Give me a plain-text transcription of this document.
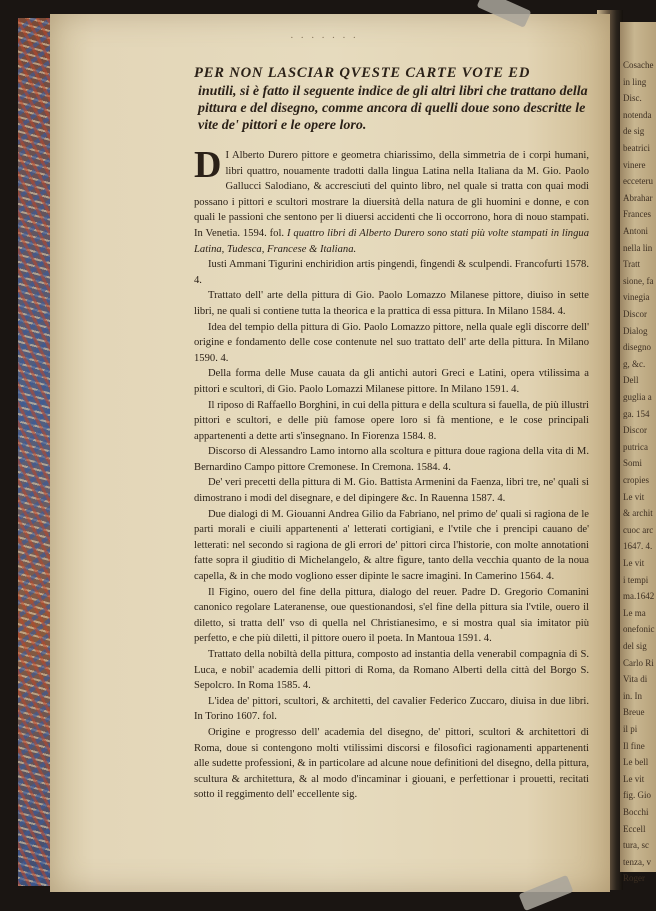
Cosache
in ling
Disc.
notenda
de sig
beatrici
vinere
ecceteru
Abrahar
Frances
Antoni
nella lin
Tratt
sione, fa
vinegia
Discor
Dialog
disegno
g, &c.
Dell
guglia a
ga. 154
Discor
putrica
Somi
cropies
Le vit
& archit
cuoc arc
1647. 4.
Le vit
i tempi
ma.1642
Le ma
onefonic
del sig
Carlo Ri
Vita di
in. In
Breue
il pi
Il fine
Le bell
Le vit
fig. Gio
Bocchi
Eccell
tura, sc
tenza, v
Roger
· · · · · · ·
PER NON LASCIAR QVESTE CARTE VOTE ED
inutili, si è fatto il seguente indice de gli altri libri che trattano della pittura e del disegno, comme ancora di quelli doue sono descritte le vite de' pittori e le opere loro.

D I Alberto Durero pittore e geometra chiarissimo, della simmetria de i corpi humani, libri quattro, nouamente tradotti dalla lingua Latina nella Italiana da M. Gio. Paolo Gallucci Salodiano, & accresciuti del quinto libro, nel quale si tratta con quai modi possano i pittori e scultori mostrare la diuersità della natura de gli huomini e donne, e con quali le passioni che sentono per li diuersi accidenti che li occorrono, hora di nouo stampati. In Venetia. 1594. fol. I quattro libri di Alberto Durero sono stati più volte stampati in lingua Latina, Tudesca, Francese & Italiana.

Iusti Ammani Tigurini enchiridion artis pingendi, fingendi & sculpendi. Francofurti 1578. 4.

Trattato dell' arte della pittura di Gio. Paolo Lomazzo Milanese pittore, diuiso in sette libri, ne quali si contiene tutta la theorica e la prattica di essa pittura. In Milano 1584. 4.

Idea del tempio della pittura di Gio. Paolo Lomazzo pittore, nella quale egli discorre dell' origine e fondamento delle cose contenute nel suo trattato dell' arte della pittura. In Milano 1590. 4.

Della forma delle Muse cauata da gli antichi autori Greci e Latini, opera vtilissima a pittori e scultori, di Gio. Paolo Lomazzi Milanese pittore. In Milano 1591. 4.

Il riposo di Raffaello Borghini, in cui della pittura e della scultura si fauella, de più illustri pittori e scultori, e delle più famose opere loro si fà mentione, e le cose principali appartenenti a dette arti s'insegnano. In Fiorenza 1584. 8.

Discorso di Alessandro Lamo intorno alla scoltura e pittura doue ragiona della vita di M. Bernardino Campo pittore Cremonese. In Cremona. 1584. 4.

De' veri precetti della pittura di M. Gio. Battista Armenini da Faenza, libri tre, ne' quali si dimostrano i modi del disegnare, e del dipingere &c. In Rauenna 1587. 4.

Due dialogi di M. Giouanni Andrea Gilio da Fabriano, nel primo de' quali si ragiona de le parti morali e ciuili appartenenti a' letterati cortigiani, e l'vtile che i prencipi cauano de' letterati: nel secondo si ragiona de gli errori de' pittori circa l'historie, con molte annotationi fatte sopra il giuditio di Michelangelo, & altre figure, tanto della vecchia quanto de la noua capella, & in che modo vogliono esser dipinte le sacre imagini. In Camerino 1564. 4.

Il Figino, ouero del fine della pittura, dialogo del reuer. Padre D. Gregorio Comanini canonico regolare Lateranense, oue questionandosi, s'el fine della pittura sia l'vtile, ouero il diletto, si tratta dell' vso di quella nel Christianesimo, e si mostra qual sia imitator più perfetto, e che più diletti, il pittore ouero il poeta. In Mantoua 1591. 4.

Trattato della nobiltà della pittura, composto ad instantia della venerabil compagnia di S. Luca, e nobil' academia delli pittori di Roma, da Romano Alberti della città del Borgo S. Sepolcro. In Roma 1585. 4.

L'idea de' pittori, scultori, & architetti, del cavalier Federico Zuccaro, diuisa in due libri. In Torino 1607. fol.

Origine e progresso dell' academia del disegno, de' pittori, scultori & architettori di Roma, doue si contengono molti vtilissimi discorsi e filosofici ragionamenti appartenenti alle sudette professioni, & in particolare ad alcune noue definitioni del disegno, della pittura, scultura & architettura, & al modo d'incaminar i giouani, e perfettionar i prouetti, recitati sotto il reggimento dell' eccellente sig.
